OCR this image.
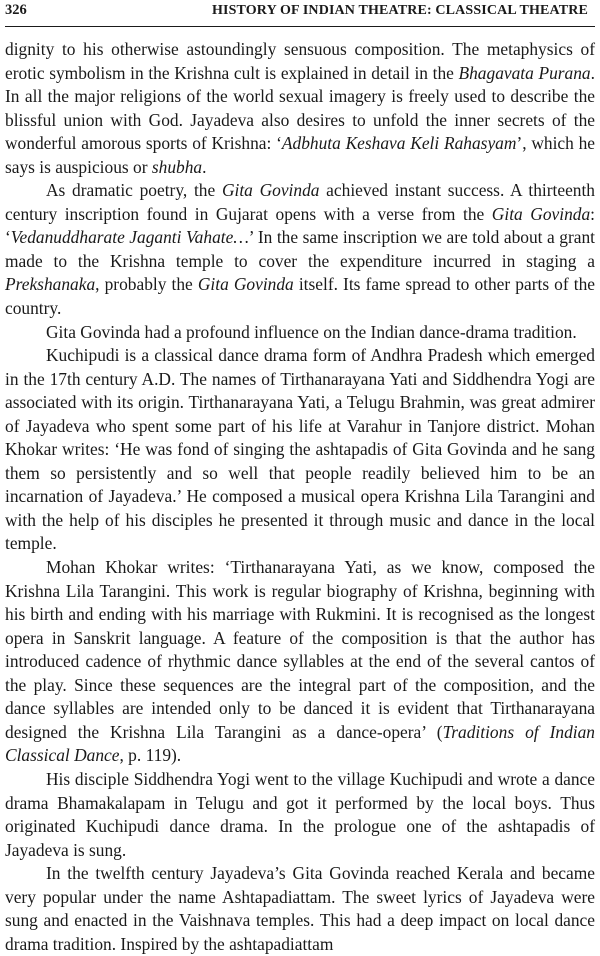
326	HISTORY OF INDIAN THEATRE: CLASSICAL THEATRE

dignity to his otherwise astoundingly sensuous composition. The metaphysics of erotic symbolism in the Krishna cult is explained in detail in the Bhagavata Purana. In all the major religions of the world sexual imagery is freely used to describe the blissful union with God. Jayadeva also desires to unfold the inner secrets of the wonderful amorous sports of Krishna: ‘Adbhuta Keshava Keli Rahasyam’, which he says is auspicious or shubha.

As dramatic poetry, the Gita Govinda achieved instant success. A thirteenth century inscription found in Gujarat opens with a verse from the Gita Govinda: ‘Vedanuddharate Jaganti Vahate…’ In the same inscription we are told about a grant made to the Krishna temple to cover the expenditure incurred in staging a Prekshanaka, probably the Gita Govinda itself. Its fame spread to other parts of the country.

Gita Govinda had a profound influence on the Indian dance-drama tradition.

Kuchipudi is a classical dance drama form of Andhra Pradesh which emerged in the 17th century A.D. The names of Tirthanarayana Yati and Siddhendra Yogi are associated with its origin. Tirthanarayana Yati, a Telugu Brahmin, was great admirer of Jayadeva who spent some part of his life at Varahur in Tanjore district. Mohan Khokar writes: ‘He was fond of singing the ashtapadis of Gita Govinda and he sang them so persistently and so well that people readily believed him to be an incarnation of Jayadeva.’ He composed a musical opera Krishna Lila Tarangini and with the help of his disciples he presented it through music and dance in the local temple.

Mohan Khokar writes: ‘Tirthanarayana Yati, as we know, composed the Krishna Lila Tarangini. This work is regular biography of Krishna, beginning with his birth and ending with his marriage with Rukmini. It is recognised as the longest opera in Sanskrit language. A feature of the composition is that the author has introduced cadence of rhythmic dance syllables at the end of the several cantos of the play. Since these sequences are the integral part of the composition, and the dance syllables are intended only to be danced it is evident that Tirthanarayana designed the Krishna Lila Tarangini as a dance-opera’ (Traditions of Indian Classical Dance, p. 119).

His disciple Siddhendra Yogi went to the village Kuchipudi and wrote a dance drama Bhamakalapam in Telugu and got it performed by the local boys. Thus originated Kuchipudi dance drama. In the prologue one of the ashtapadis of Jayadeva is sung.

In the twelfth century Jayadeva’s Gita Govinda reached Kerala and became very popular under the name Ashtapadiattam. The sweet lyrics of Jayadeva were sung and enacted in the Vaishnava temples. This had a deep impact on local dance drama tradition. Inspired by the ashtapadiattam
